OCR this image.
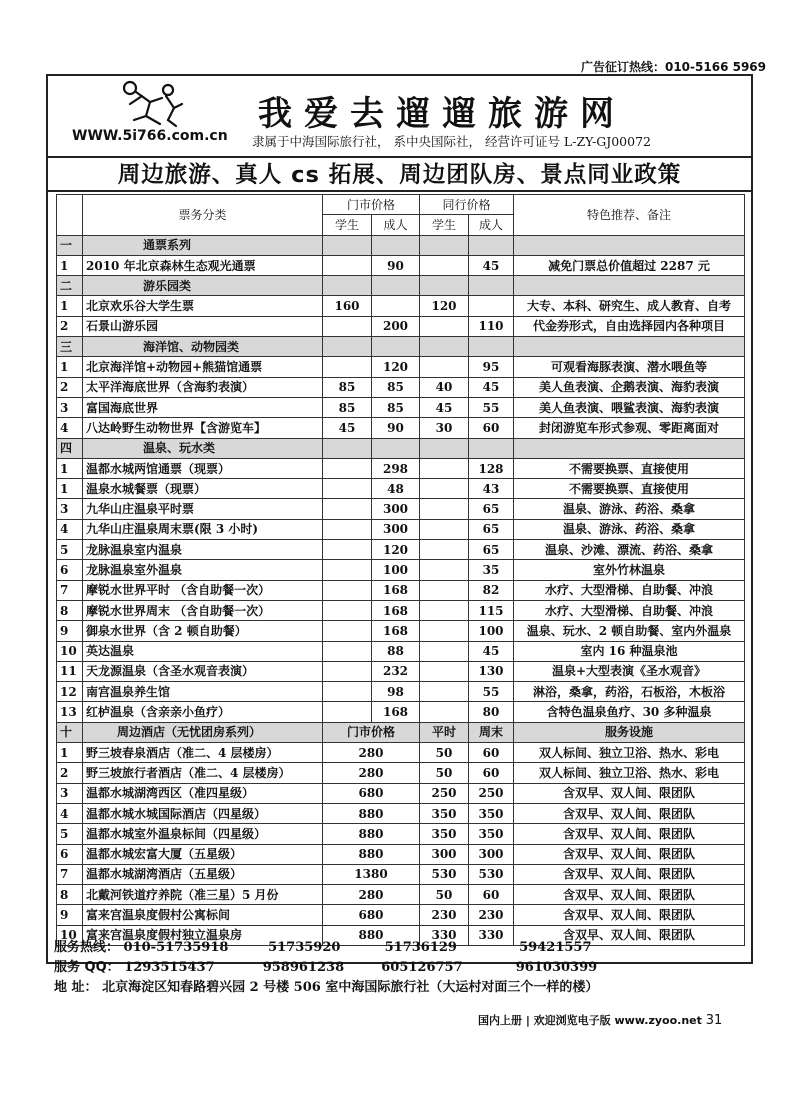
广告征订热线：010-5166 5969
我爱去遛遛旅游网
WWW.5i766.com.cn 隶属于中海国际旅行社， 系中央国际社， 经营许可证号 L-ZY-GJ00072
周边旅游、真人 cs 拓展、周边团队房、景点同业政策
	票务分类	门市价格		同行价格		特色推荐、备注
		学生	成人	学生	成人	
一	通票系列					
1	2010 年北京森林生态观光通票		90		45	减免门票总价值超过 2287 元
二	游乐园类					
1	北京欢乐谷大学生票	160		120		大专、本科、研究生、成人教育、自考
2	石景山游乐园		200		110	代金券形式，自由选择园内各种项目
三	海洋馆、动物园类					
1	北京海洋馆+动物园+熊猫馆通票		120		95	可观看海豚表演、潜水喂鱼等
2	太平洋海底世界（含海豹表演）	85	85	40	45	美人鱼表演、企鹅表演、海豹表演
3	富国海底世界	85	85	45	55	美人鱼表演、喂鲨表演、海豹表演
4	八达岭野生动物世界【含游览车】	45	90	30	60	封闭游览车形式参观、零距离面对
四	温泉、玩水类					
1	温都水城两馆通票（现票）		298		128	不需要换票、直接使用
1	温泉水城餐票（现票）		48		43	不需要换票、直接使用
3	九华山庄温泉平时票		300		65	温泉、游泳、药浴、桑拿
4	九华山庄温泉周末票(限 3 小时)		300		65	温泉、游泳、药浴、桑拿
5	龙脉温泉室内温泉		120		65	温泉、沙滩、漂流、药浴、桑拿
6	龙脉温泉室外温泉		100		35	室外竹林温泉
7	摩锐水世界平时 （含自助餐一次）		168		82	水疗、大型滑梯、自助餐、冲浪
8	摩锐水世界周末 （含自助餐一次）		168		115	水疗、大型滑梯、自助餐、冲浪
9	御泉水世界（含 2 顿自助餐）		168		100	温泉、玩水、2 顿自助餐、室内外温泉
10	英达温泉		88		45	室内 16 种温泉池
11	天龙源温泉（含圣水观音表演）		232		130	温泉+大型表演《圣水观音》
12	南宫温泉养生馆		98		55	淋浴，桑拿，药浴，石板浴，木板浴
13	红栌温泉（含亲亲小鱼疗）		168		80	含特色温泉鱼疗、30 多种温泉
十	周边酒店（无忧团房系列）	门市价格		平时	周末	服务设施
1	野三坡春泉酒店（准二、4 层楼房）	280		50	60	双人标间、独立卫浴、热水、彩电
2	野三坡旅行者酒店（准二、4 层楼房）	280		50	60	双人标间、独立卫浴、热水、彩电
3	温都水城湖湾西区（准四星级）	680		250	250	含双早、双人间、限团队
4	温都水城水城国际酒店（四星级）	880		350	350	含双早、双人间、限团队
5	温都水城室外温泉标间（四星级）	880		350	350	含双早、双人间、限团队
6	温都水城宏富大厦（五星级）	880		300	300	含双早、双人间、限团队
7	温都水城湖湾酒店（五星级）	1380		530	530	含双早、双人间、限团队
8	北戴河铁道疗养院（准三星）5 月份	280		50	60	含双早、双人间、限团队
9	富来宫温泉度假村公寓标间	680		230	230	含双早、双人间、限团队
10	富来宫温泉度假村独立温泉房	880		330	330	含双早、双人间、限团队
服务热线： 010-51735918	51735920	51736129	59421557
服务 QQ： 1293515437	958961238	605126757	961030399
地 址： 北京海淀区知春路碧兴园 2 号楼 506 室中海国际旅行社（大运村对面三个一样的楼）
国内上册 | 欢迎浏览电子版 www.zyoo.net 31
